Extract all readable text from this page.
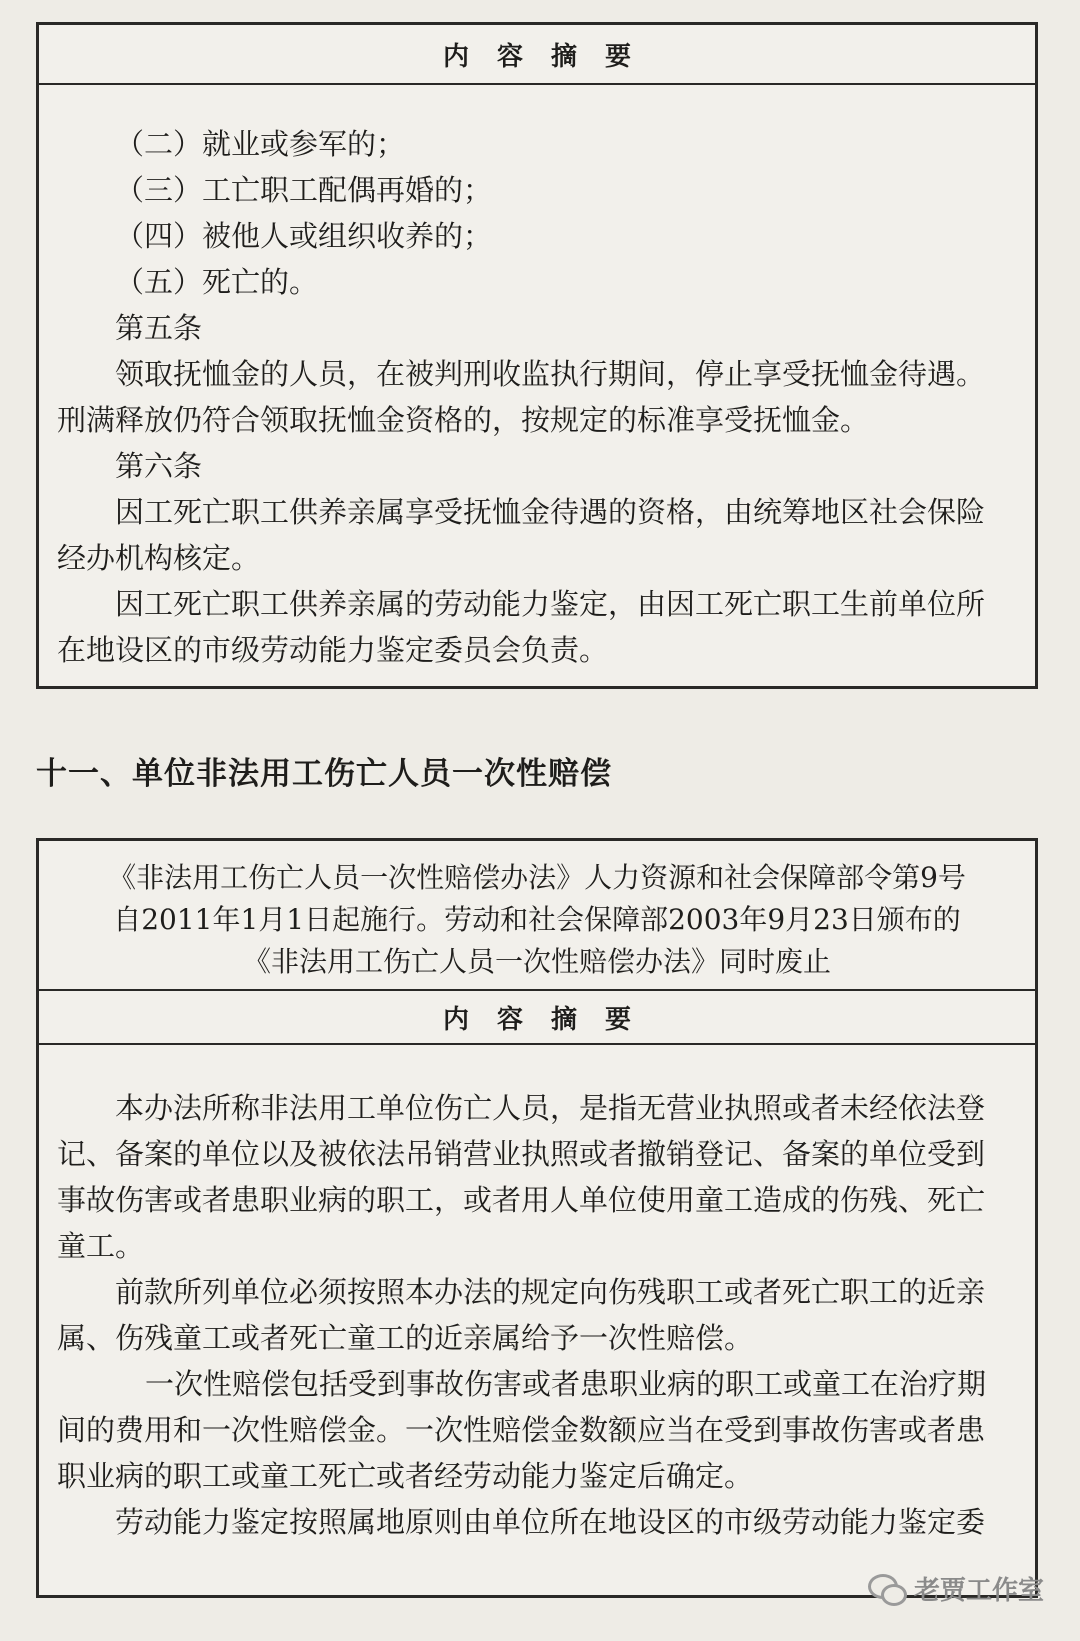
内容摘要
（二）就业或参军的；
（三）工亡职工配偶再婚的；
（四）被他人或组织收养的；
（五）死亡的。
第五条
领取抚恤金的人员，在被判刑收监执行期间，停止享受抚恤金待遇。
刑满释放仍符合领取抚恤金资格的，按规定的标准享受抚恤金。
第六条
因工死亡职工供养亲属享受抚恤金待遇的资格，由统筹地区社会保险
经办机构核定。
因工死亡职工供养亲属的劳动能力鉴定，由因工死亡职工生前单位所
在地设区的市级劳动能力鉴定委员会负责。
十一、单位非法用工伤亡人员一次性赔偿
《非法用工伤亡人员一次性赔偿办法》人力资源和社会保障部令第9号
自2011年1月1日起施行。劳动和社会保障部2003年9月23日颁布的
《非法用工伤亡人员一次性赔偿办法》同时废止
内容摘要
本办法所称非法用工单位伤亡人员，是指无营业执照或者未经依法登
记、备案的单位以及被依法吊销营业执照或者撤销登记、备案的单位受到
事故伤害或者患职业病的职工，或者用人单位使用童工造成的伤残、死亡
童工。
前款所列单位必须按照本办法的规定向伤残职工或者死亡职工的近亲
属、伤残童工或者死亡童工的近亲属给予一次性赔偿。
一次性赔偿包括受到事故伤害或者患职业病的职工或童工在治疗期
间的费用和一次性赔偿金。一次性赔偿金数额应当在受到事故伤害或者患
职业病的职工或童工死亡或者经劳动能力鉴定后确定。
劳动能力鉴定按照属地原则由单位所在地设区的市级劳动能力鉴定委
老贾工作室
